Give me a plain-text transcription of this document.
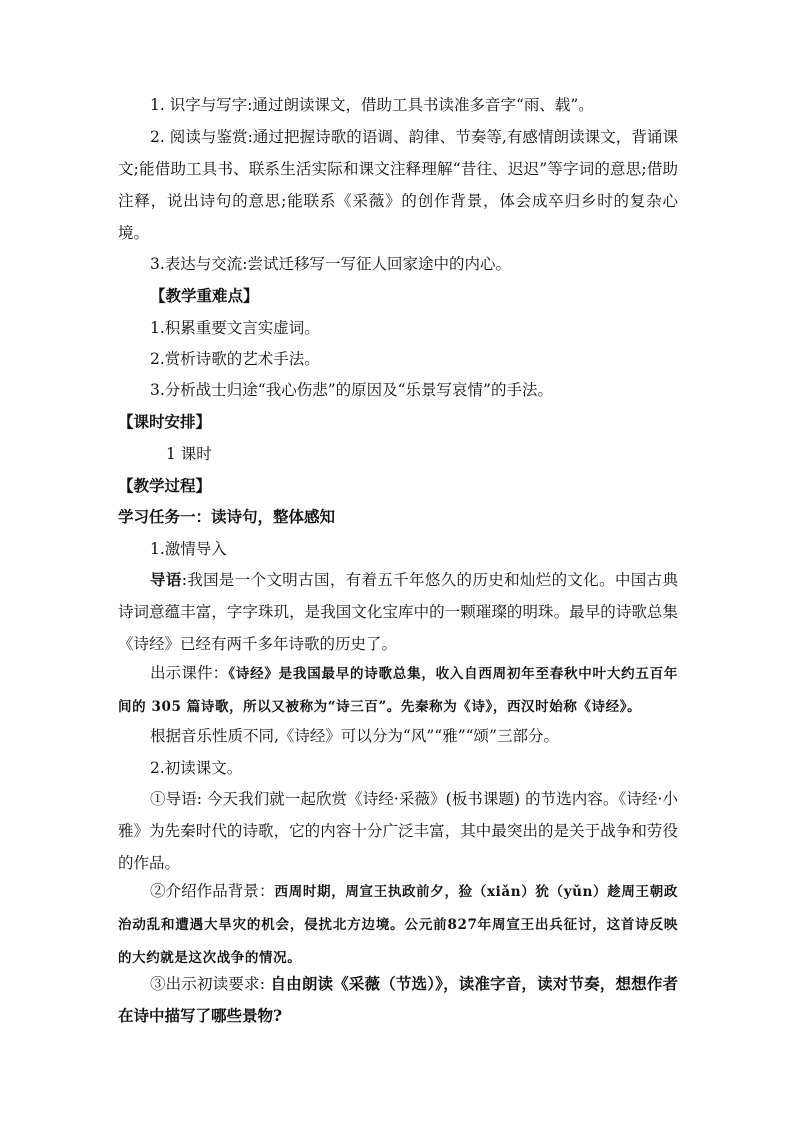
1. 识字与写字:通过朗读课文，借助工具书读准多音字“雨、载”。

2. 阅读与鉴赏:通过把握诗歌的语调、韵律、节奏等,有感情朗读课文，背诵课文;能借助工具书、联系生活实际和课文注释理解“昔往、迟迟”等字词的意思;借助注释，说出诗句的意思;能联系《采薇》的创作背景，体会成卒归乡时的复杂心境。

3.表达与交流:尝试迁移写一写征人回家途中的内心。

【教学重难点】

1.积累重要文言实虚词。

2.赏析诗歌的艺术手法。

3.分析战士归途“我心伤悲”的原因及“乐景写哀情”的手法。

【课时安排】

1 课时

【教学过程】

学习任务一：读诗句，整体感知

1.激情导入

导语:我国是一个文明古国，有着五千年悠久的历史和灿烂的文化。中国古典诗词意蕴丰富，字字珠玑，是我国文化宝库中的一颗璀璨的明珠。最早的诗歌总集《诗经》已经有两千多年诗歌的历史了。

出示课件：《诗经》是我国最早的诗歌总集，收入自西周初年至春秋中叶大约五百年间的 305 篇诗歌，所以又被称为“诗三百”。先秦称为《诗》，西汉时始称《诗经》。

根据音乐性质不同,《诗经》可以分为“风”“雅”“颂”三部分。

2.初读课文。

①导语: 今天我们就一起欣赏《诗经·采薇》(板书课题) 的节选内容。《诗经·小雅》为先秦时代的诗歌，它的内容十分广泛丰富，其中最突出的是关于战争和劳役的作品。

②介绍作品背景：西周时期，周宣王执政前夕，猃（xiǎn）狁（yǔn）趁周王朝政治动乱和遭遇大旱灾的机会，侵扰北方边境。公元前827年周宣王出兵征讨，这首诗反映的大约就是这次战争的情况。

③出示初读要求: 自由朗读《采薇（节选）》，读准字音，读对节奏，想想作者在诗中描写了哪些景物?
